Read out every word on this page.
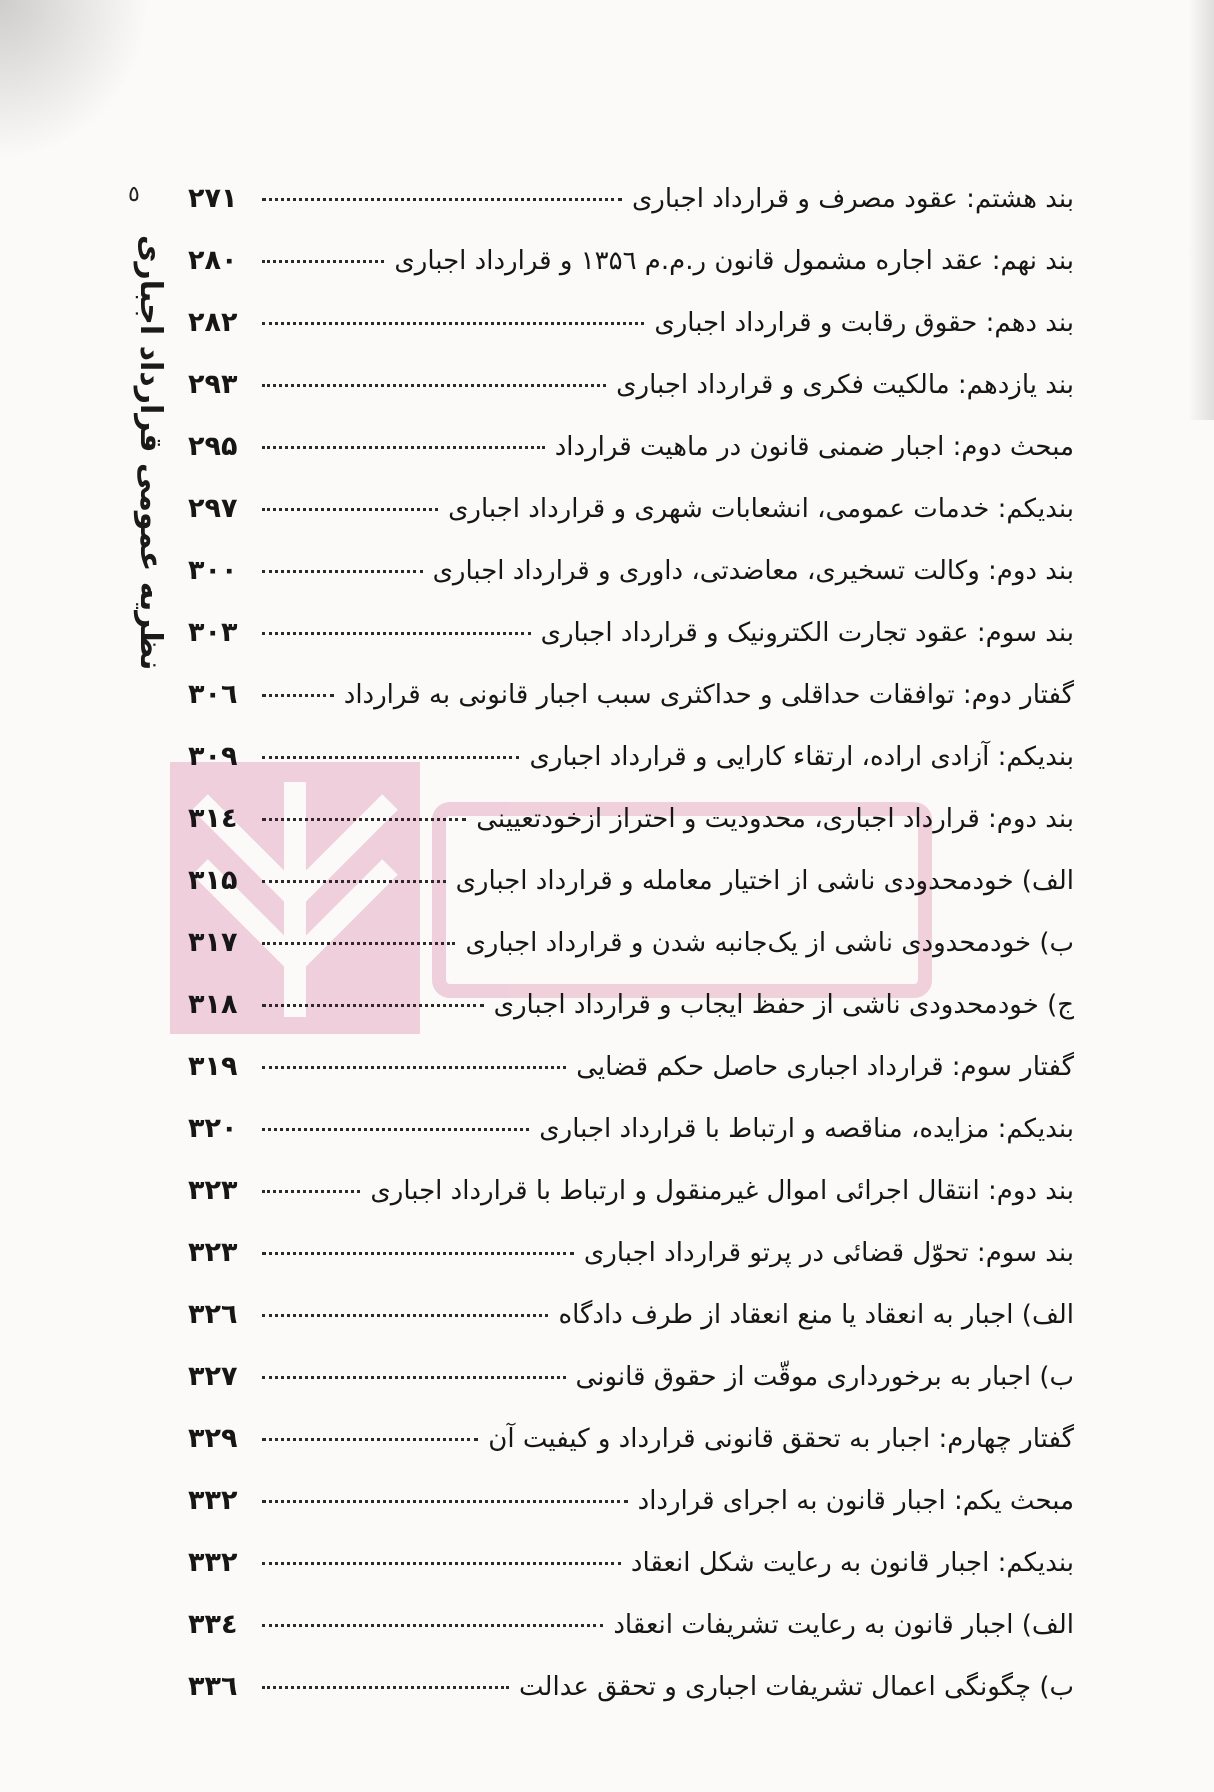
٥
نظریه عمومی قرارداد اجباری
بند هشتم: عقود مصرف و قرارداد اجباری
۲۷۱
بند نهم: عقد اجاره مشمول قانون ر.م.م ۱۳۵٦ و قرارداد اجباری
۲۸۰
بند دهم: حقوق رقابت و قرارداد اجباری
۲۸۲
بند یازدهم: مالکیت فکری و قرارداد اجباری
۲۹۳
مبحث دوم: اجبار ضمنی قانون در ماهیت قرارداد
۲۹۵
بندیکم: خدمات عمومی، انشعابات شهری و قرارداد اجباری
۲۹۷
بند دوم: وکالت تسخیری، معاضدتی، داوری و قرارداد اجباری
۳۰۰
بند سوم: عقود تجارت الکترونیک و قرارداد اجباری
۳۰۳
گفتار دوم: توافقات حداقلی و حداکثری سبب اجبار قانونی به قرارداد
۳۰٦
بندیکم: آزادی اراده، ارتقاء کارایی و قرارداد اجباری
۳۰۹
بند دوم: قرارداد اجباری، محدودیت و احتراز ازخودتعیینی
۳۱٤
الف) خودمحدودی ناشی از اختیار معامله و قرارداد اجباری
۳۱۵
ب) خودمحدودی ناشی از یک‌جانبه شدن و قرارداد اجباری
۳۱۷
ج) خودمحدودی ناشی از حفظ ایجاب و قرارداد اجباری
۳۱۸
گفتار سوم: قرارداد اجباری حاصل حکم قضایی
۳۱۹
بندیکم: مزایده، مناقصه و ارتباط با قرارداد اجباری
۳۲۰
بند دوم: انتقال اجرائی اموال غیرمنقول و ارتباط با قرارداد اجباری
۳۲۳
بند سوم: تحوّل قضائی در پرتو قرارداد اجباری
۳۲۳
الف) اجبار به انعقاد یا منع انعقاد از طرف دادگاه
۳۲٦
ب) اجبار به برخورداری موقّت از حقوق قانونی
۳۲۷
گفتار چهارم: اجبار به تحقق قانونی قرارداد و کیفیت آن
۳۲۹
مبحث یکم: اجبار قانون به اجرای قرارداد
۳۳۲
بندیکم: اجبار قانون به رعایت شکل انعقاد
۳۳۲
الف) اجبار قانون به رعایت تشریفات انعقاد
۳۳٤
ب) چگونگی اعمال تشریفات اجباری و تحقق عدالت
۳۳٦
